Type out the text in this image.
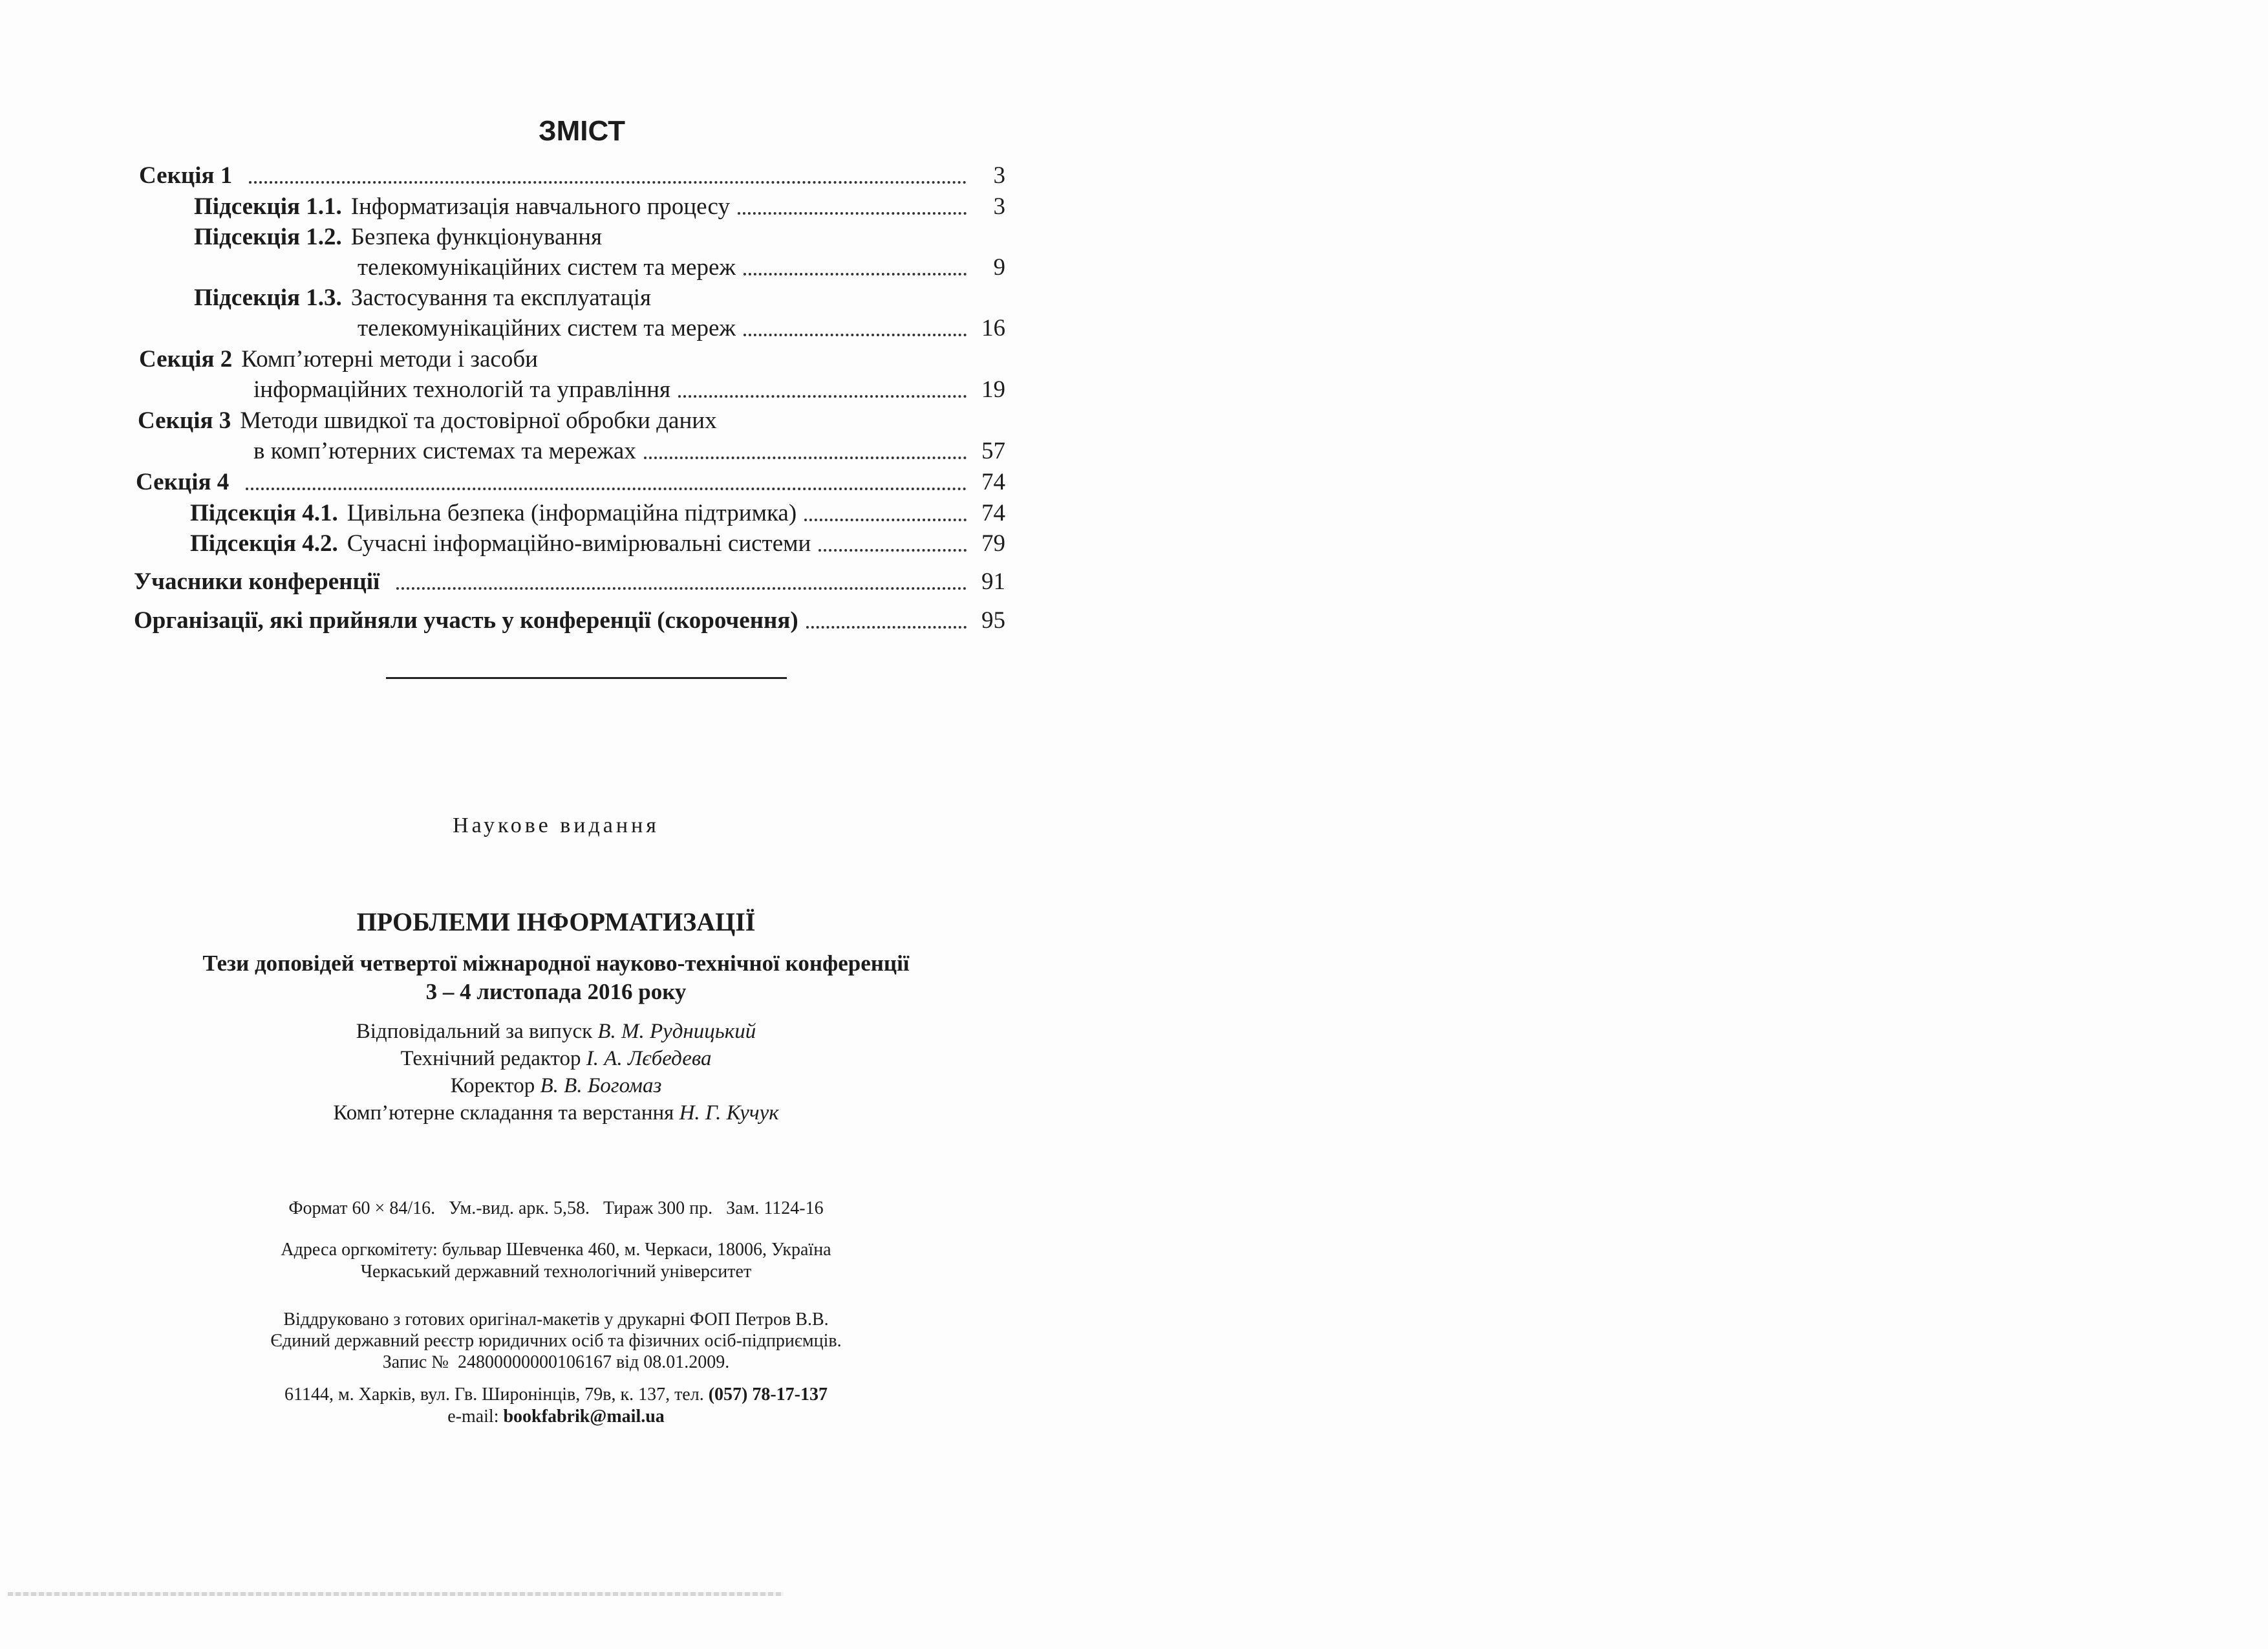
ЗМІСТ
Секція 1	3
Підсекція 1.1. Інформатизація навчального процесу	3
Підсекція 1.2. Безпека функціонування
телекомунікаційних систем та мереж	9
Підсекція 1.3. Застосування та експлуатація
телекомунікаційних систем та мереж	16
Секція 2 Комп’ютерні методи і засоби
інформаційних технологій та управління	19
Секція 3 Методи швидкої та достовірної обробки даних
в комп’ютерних системах та мережах	57
Секція 4	74
Підсекція 4.1. Цивільна безпека (інформаційна підтримка)	74
Підсекція 4.2. Сучасні інформаційно-вимірювальні системи	79
Учасники конференції	91
Організації, які прийняли участь у конференції (скорочення)	95
Наукове видання
ПРОБЛЕМИ ІНФОРМАТИЗАЦІЇ
Тези доповідей четвертої міжнародної науково-технічної конференції
3 – 4 листопада 2016 року
Відповідальний за випуск В. М. Рудницький
Технічний редактор І. А. Лєбедева
Коректор В. В. Богомаз
Комп’ютерне складання та верстання Н. Г. Кучук
Формат 60 × 84/16.   Ум.-вид. арк. 5,58.   Тираж 300 пр.   Зам. 1124-16
Адреса оргкомітету: бульвар Шевченка 460, м. Черкаси, 18006, Україна
Черкаський державний технологічний університет
Віддруковано з готових оригінал-макетів у друкарні ФОП Петров В.В.
Єдиний державний реєстр юридичних осіб та фізичних осіб-підприємців.
Запис №  24800000000106167 від 08.01.2009.
61144, м. Харків, вул. Гв. Широнінців, 79в, к. 137, тел. (057) 78-17-137
e-mail: bookfabrik@mail.ua
